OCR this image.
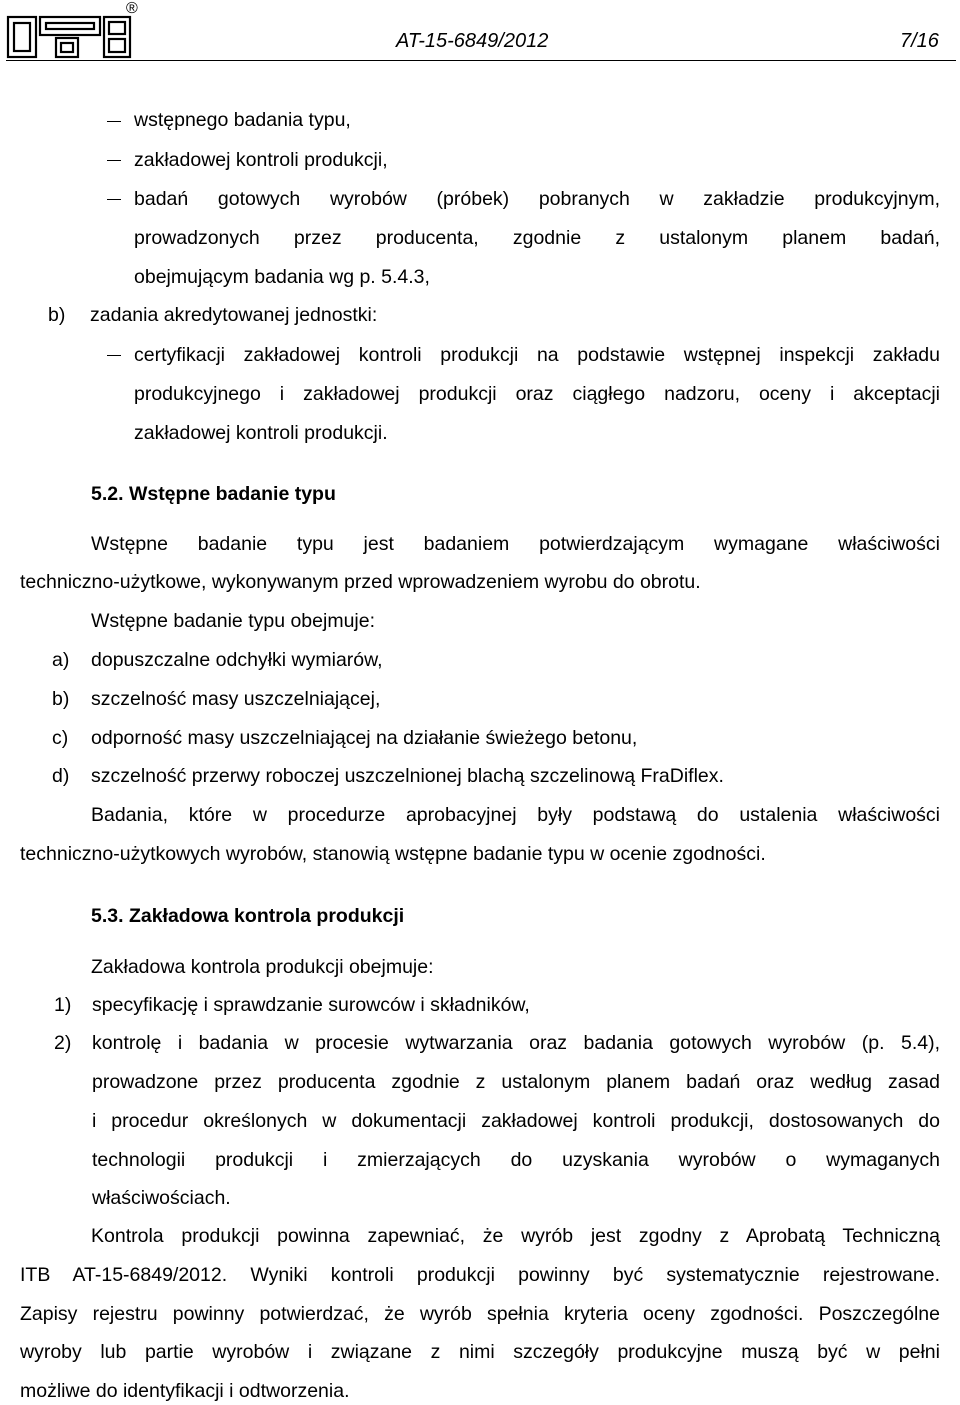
®
AT-15-6849/2012	7/16
wstępnego badania typu,
zakładowej kontroli produkcji,
badań gotowych wyrobów (próbek) pobranych w zakładzie produkcyjnym,
prowadzonych przez producenta, zgodnie z ustalonym planem badań,
obejmującym badania wg p. 5.4.3,
b) zadania akredytowanej jednostki:
certyfikacji zakładowej kontroli produkcji na podstawie wstępnej inspekcji zakładu
produkcyjnego i zakładowej produkcji oraz ciągłego nadzoru, oceny i akceptacji
zakładowej kontroli produkcji.
5.2. Wstępne badanie typu
Wstępne badanie typu jest badaniem potwierdzającym wymagane właściwości
techniczno-użytkowe, wykonywanym przed wprowadzeniem wyrobu do obrotu.
Wstępne badanie typu obejmuje:
a) dopuszczalne odchyłki wymiarów,
b) szczelność masy uszczelniającej,
c) odporność masy uszczelniającej na działanie świeżego betonu,
d) szczelność przerwy roboczej uszczelnionej blachą szczelinową FraDiflex.
Badania, które w procedurze aprobacyjnej były podstawą do ustalenia właściwości
techniczno-użytkowych wyrobów, stanowią wstępne badanie typu w ocenie zgodności.
5.3. Zakładowa kontrola produkcji
Zakładowa kontrola produkcji obejmuje:
1) specyfikację i sprawdzanie surowców i składników,
2) kontrolę i badania w procesie wytwarzania oraz badania gotowych wyrobów (p. 5.4),
prowadzone przez producenta zgodnie z ustalonym planem badań oraz według zasad
i procedur określonych w dokumentacji zakładowej kontroli produkcji, dostosowanych do
technologii produkcji i zmierzających do uzyskania wyrobów o wymaganych
właściwościach.
Kontrola produkcji powinna zapewniać, że wyrób jest zgodny z Aprobatą Techniczną
ITB AT-15-6849/2012. Wyniki kontroli produkcji powinny być systematycznie rejestrowane.
Zapisy rejestru powinny potwierdzać, że wyrób spełnia kryteria oceny zgodności. Poszczególne
wyroby lub partie wyrobów i związane z nimi szczegóły produkcyjne muszą być w pełni
możliwe do identyfikacji i odtworzenia.
